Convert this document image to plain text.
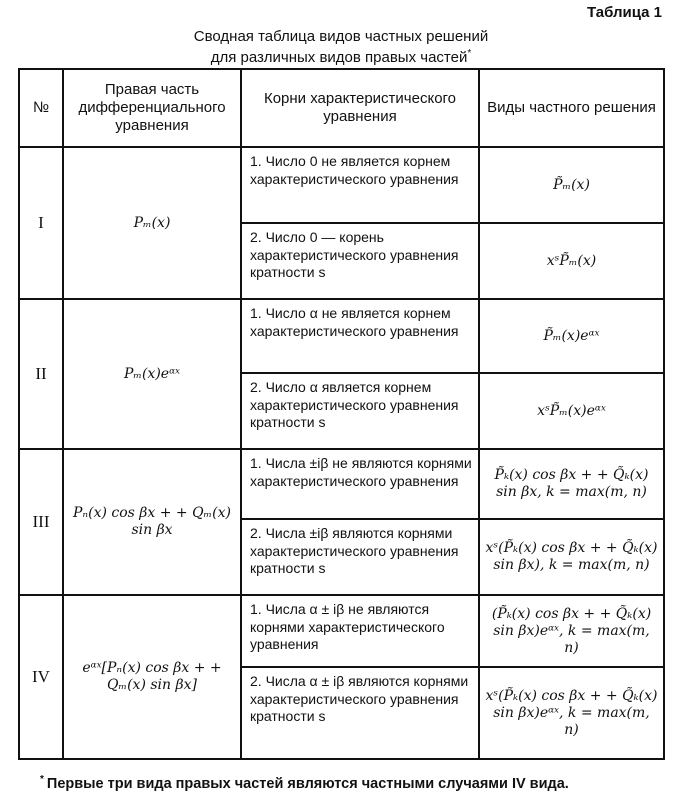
Таблица 1
Сводная таблица видов частных решений
для различных видов правых частей*
№	Правая часть дифференциального уравнения	Корни характеристического уравнения	Виды частного решения
I	Pₘ(x)	1. Число 0 не является корнем характеристического уравнения	P̃ₘ(x)
		2. Число 0 — корень характеристического уравнения кратности s	xˢP̃ₘ(x)
II	Pₘ(x)eᵅˣ	1. Число α не является корнем характеристического уравнения	P̃ₘ(x)eᵅˣ
		2. Число α является корнем характеристического уравнения кратности s	xˢP̃ₘ(x)eᵅˣ
III	Pₙ(x) cos βx + + Qₘ(x) sin βx	1. Числа ±iβ не являются корнями характеристического уравнения	P̃ₖ(x) cos βx + + Q̃ₖ(x) sin βx, k = max(m, n)
		2. Числа ±iβ являются корнями характеристического уравнения кратности s	xˢ(P̃ₖ(x) cos βx + + Q̃ₖ(x) sin βx), k = max(m, n)
IV	eᵅˣ[Pₙ(x) cos βx + + Qₘ(x) sin βx]	1. Числа α ± iβ не являются корнями характеристического уравнения	(P̃ₖ(x) cos βx + + Q̃ₖ(x) sin βx)eᵅˣ, k = max(m, n)
		2. Числа α ± iβ являются корнями характеристического уравнения кратности s	xˢ(P̃ₖ(x) cos βx + + Q̃ₖ(x) sin βx)eᵅˣ, k = max(m, n)
* Первые три вида правых частей являются частными случаями IV вида.
